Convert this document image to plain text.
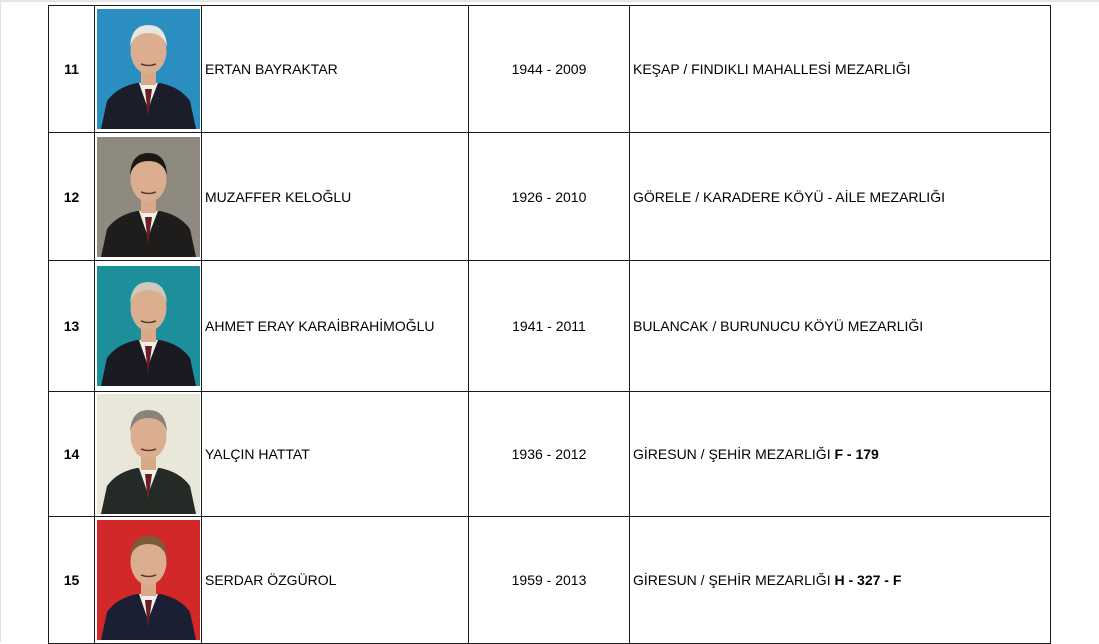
11		ERTAN BAYRAKTAR	1944 - 2009	KEŞAP / FINDIKLI MAHALLESİ MEZARLIĞI
12		MUZAFFER KELOĞLU	1926 - 2010	GÖRELE / KARADERE KÖYÜ - AİLE MEZARLIĞI
13		AHMET ERAY KARAİBRAHİMOĞLU	1941 - 2011	BULANCAK / BURUNUCU KÖYÜ MEZARLIĞI
14		YALÇIN HATTAT	1936 - 2012	GİRESUN / ŞEHİR MEZARLIĞI F - 179
15		SERDAR ÖZGÜROL	1959 - 2013	GİRESUN / ŞEHİR MEZARLIĞI H - 327 - F
